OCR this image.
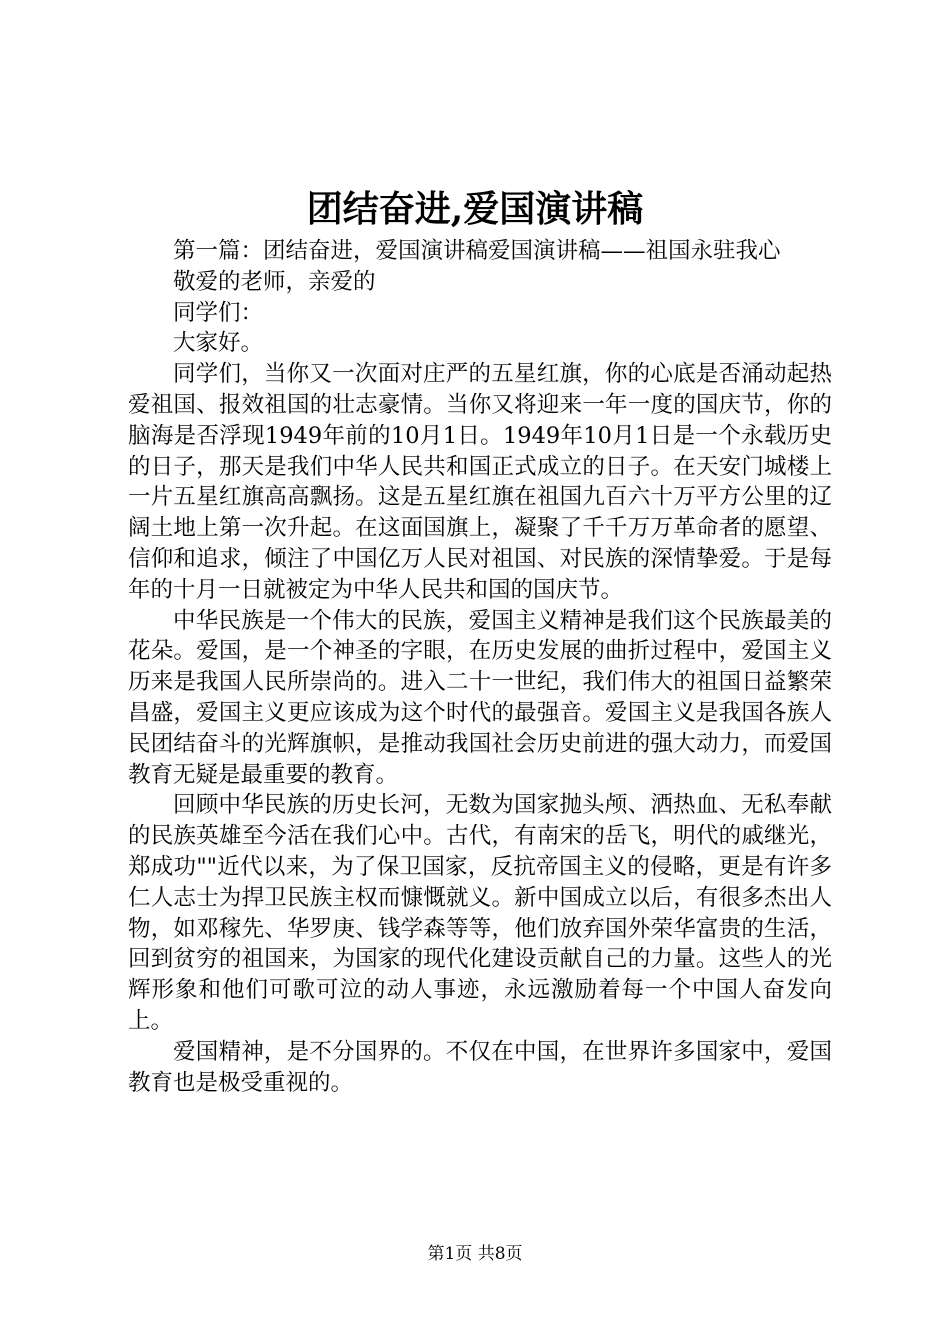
团结奋进,爱国演讲稿

第一篇：团结奋进，爱国演讲稿爱国演讲稿——祖国永驻我心

敬爱的老师，亲爱的

同学们：

大家好。

同学们，当你又一次面对庄严的五星红旗，你的心底是否涌动起热爱祖国、报效祖国的壮志豪情。当你又将迎来一年一度的国庆节，你的脑海是否浮现1949年前的10月1日。1949年10月1日是一个永载历史的日子，那天是我们中华人民共和国正式成立的日子。在天安门城楼上一片五星红旗高高飘扬。这是五星红旗在祖国九百六十万平方公里的辽阔土地上第一次升起。在这面国旗上，凝聚了千千万万革命者的愿望、信仰和追求，倾注了中国亿万人民对祖国、对民族的深情挚爱。于是每年的十月一日就被定为中华人民共和国的国庆节。

中华民族是一个伟大的民族，爱国主义精神是我们这个民族最美的花朵。爱国，是一个神圣的字眼，在历史发展的曲折过程中，爱国主义历来是我国人民所崇尚的。进入二十一世纪，我们伟大的祖国日益繁荣昌盛，爱国主义更应该成为这个时代的最强音。爱国主义是我国各族人民团结奋斗的光辉旗帜，是推动我国社会历史前进的强大动力，而爱国教育无疑是最重要的教育。

回顾中华民族的历史长河，无数为国家抛头颅、洒热血、无私奉献的民族英雄至今活在我们心中。古代，有南宋的岳飞，明代的戚继光，郑成功""近代以来，为了保卫国家，反抗帝国主义的侵略，更是有许多仁人志士为捍卫民族主权而慷慨就义。新中国成立以后，有很多杰出人物，如邓稼先、华罗庚、钱学森等等，他们放弃国外荣华富贵的生活，回到贫穷的祖国来，为国家的现代化建设贡献自己的力量。这些人的光辉形象和他们可歌可泣的动人事迹，永远激励着每一个中国人奋发向上。

爱国精神，是不分国界的。不仅在中国，在世界许多国家中，爱国教育也是极受重视的。

第1页 共8页
